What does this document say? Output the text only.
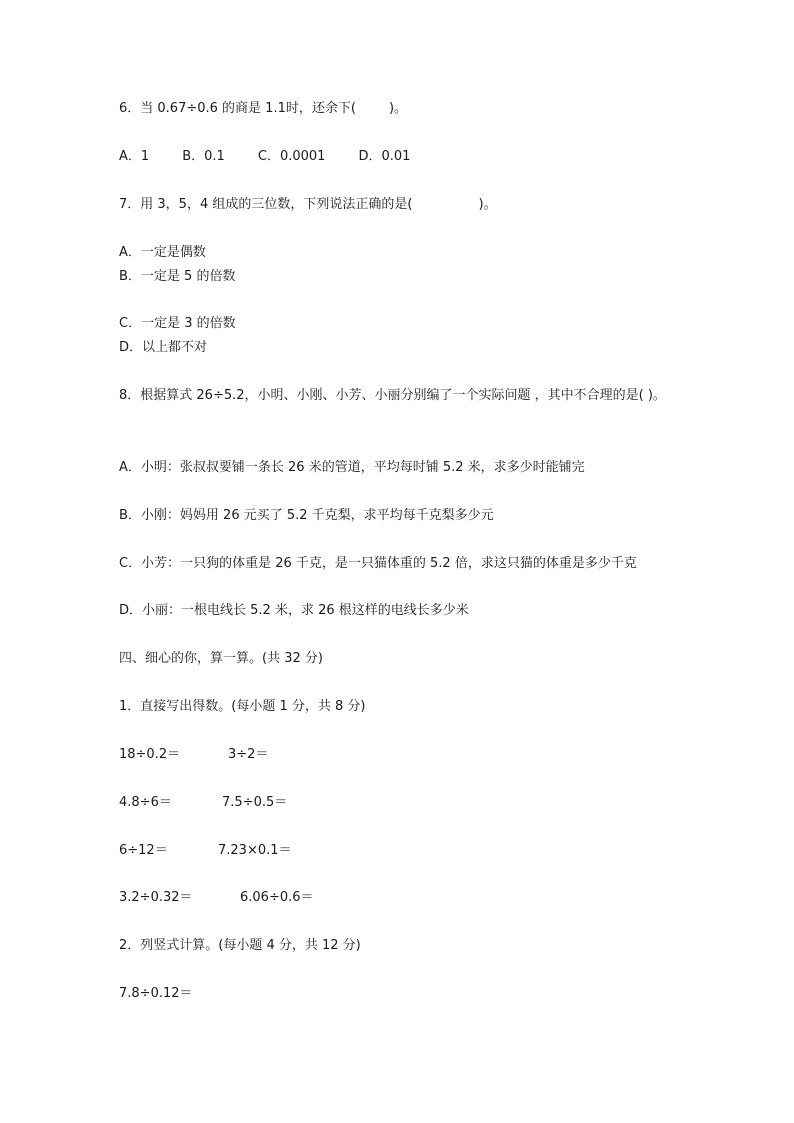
6．当 0.67÷0.6 的商是 1.1时，还余下(        )。
A．1        B．0.1        C．0.0001        D．0.01
7．用 3，5，4 组成的三位数，下列说法正确的是(                )。
A．一定是偶数
B．一定是 5 的倍数
C．一定是 3 的倍数
D．以上都不对
8．根据算式 26÷5.2，小明、小刚、小芳、小丽分别编了一个实际问题 ，其中不合理的是( )。
A．小明：张叔叔要铺一条长 26 米的管道，平均每时铺 5.2 米，求多少时能铺完
B．小刚：妈妈用 26 元买了 5.2 千克梨，求平均每千克梨多少元
C．小芳：一只狗的体重是 26 千克，是一只猫体重的 5.2 倍，求这只猫的体重是多少千克
D．小丽：一根电线长 5.2 米，求 26 根这样的电线长多少米
四、细心的你，算一算。(共 32 分)
1．直接写出得数。(每小题 1 分，共 8 分)
18÷0.2＝	3÷2＝
4.8÷6＝	7.5÷0.5＝
6÷12＝	7.23×0.1＝
3.2÷0.32＝	6.06÷0.6＝
2．列竖式计算。(每小题 4 分，共 12 分)
7.8÷0.12＝
